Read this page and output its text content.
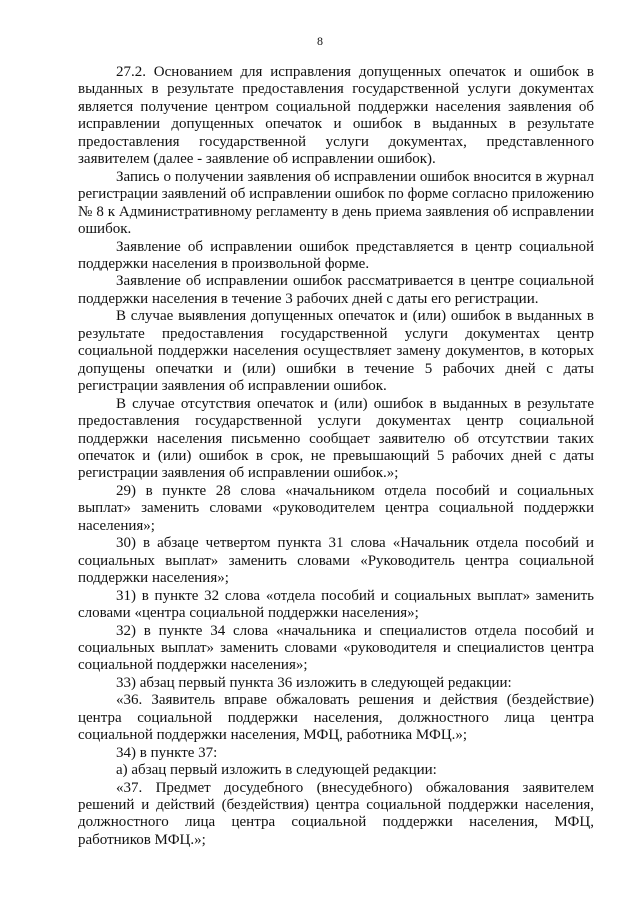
8

27.2. Основанием для исправления допущенных опечаток и ошибок в выданных в результате предоставления государственной услуги документах является получение центром социальной поддержки населения заявления об исправлении допущенных опечаток и ошибок в выданных в результате предоставления государственной услуги документах, представленного заявителем (далее - заявление об исправлении ошибок).

Запись о получении заявления об исправлении ошибок вносится в журнал регистрации заявлений об исправлении ошибок по форме согласно приложению № 8 к Административному регламенту в день приема заявления об исправлении ошибок.

Заявление об исправлении ошибок представляется в центр социальной поддержки населения в произвольной форме.

Заявление об исправлении ошибок рассматривается в центре социальной поддержки населения в течение 3 рабочих дней с даты его регистрации.

В случае выявления допущенных опечаток и (или) ошибок в выданных в результате предоставления государственной услуги документах центр социальной поддержки населения осуществляет замену документов, в которых допущены опечатки и (или) ошибки в течение 5 рабочих дней с даты регистрации заявления об исправлении ошибок.

В случае отсутствия опечаток и (или) ошибок в выданных в результате предоставления государственной услуги документах центр социальной поддержки населения письменно сообщает заявителю об отсутствии таких опечаток и (или) ошибок в срок, не превышающий 5 рабочих дней с даты регистрации заявления об исправлении ошибок.»;

29) в пункте 28 слова «начальником отдела пособий и социальных выплат» заменить словами «руководителем центра социальной поддержки населения»;

30) в абзаце четвертом пункта 31 слова «Начальник отдела пособий и социальных выплат» заменить словами «Руководитель центра социальной поддержки населения»;

31) в пункте 32 слова «отдела пособий и социальных выплат» заменить словами «центра социальной поддержки населения»;

32) в пункте 34 слова «начальника и специалистов отдела пособий и социальных выплат» заменить словами «руководителя и специалистов центра социальной поддержки населения»;

33) абзац первый пункта 36 изложить в следующей редакции:

«36. Заявитель вправе обжаловать решения и действия (бездействие) центра социальной поддержки населения, должностного лица центра социальной поддержки населения, МФЦ, работника МФЦ.»;

34) в пункте 37:

а) абзац первый изложить в следующей редакции:

«37. Предмет досудебного (внесудебного) обжалования заявителем решений и действий (бездействия) центра социальной поддержки населения, должностного лица центра социальной поддержки населения, МФЦ, работников МФЦ.»;
